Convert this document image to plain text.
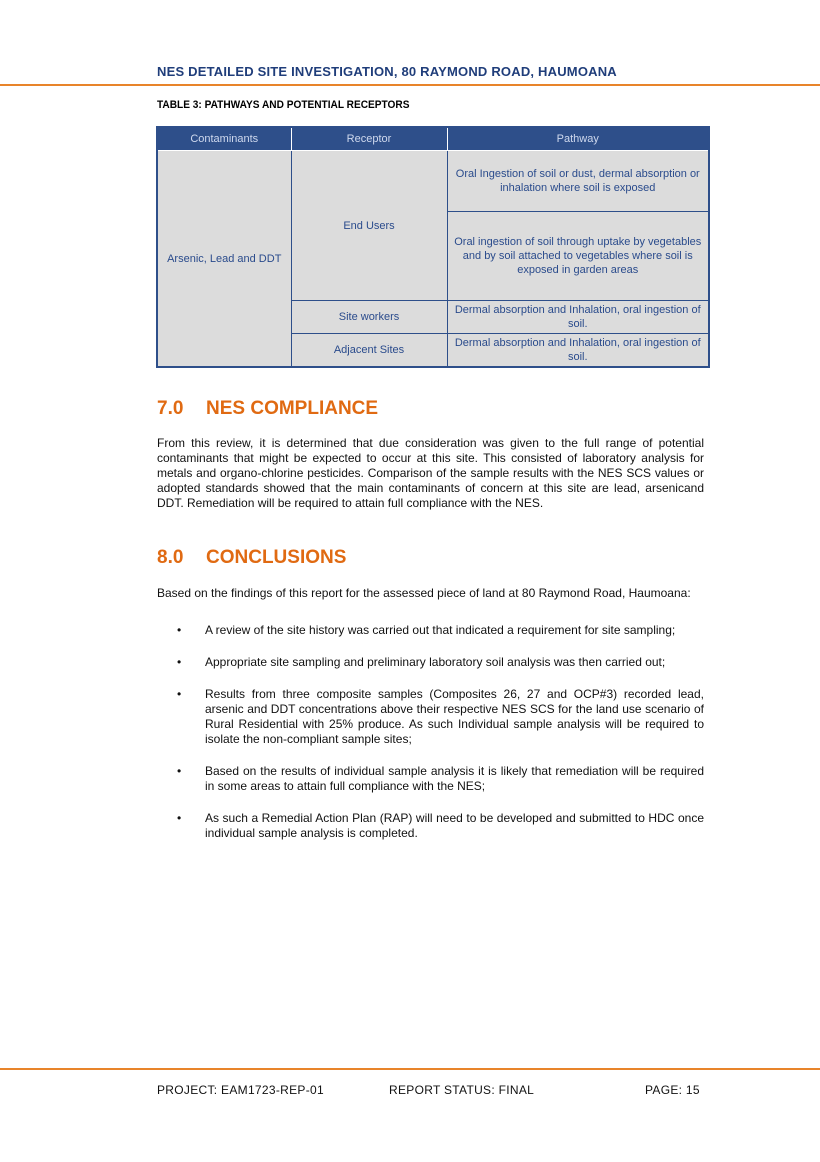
NES DETAILED SITE INVESTIGATION, 80 RAYMOND ROAD, HAUMOANA
TABLE 3: PATHWAYS AND POTENTIAL RECEPTORS
Contaminants	Receptor	Pathway
Arsenic, Lead and DDT	End Users	Oral Ingestion of soil or dust, dermal absorption or inhalation where soil is exposed
		Oral ingestion of soil through uptake by vegetables and by soil attached to vegetables where soil is exposed in garden areas
	Site workers	Dermal absorption and Inhalation, oral ingestion of soil.
	Adjacent Sites	Dermal absorption and Inhalation, oral ingestion of soil.
7.0 NES COMPLIANCE

From this review, it is determined that due consideration was given to the full range of potential contaminants that might be expected to occur at this site. This consisted of laboratory analysis for metals and organo-chlorine pesticides. Comparison of the sample results with the NES SCS values or adopted standards showed that the main contaminants of concern at this site are lead, arsenicand DDT. Remediation will be required to attain full compliance with the NES.

8.0 CONCLUSIONS

Based on the findings of this report for the assessed piece of land at 80 Raymond Road, Haumoana:

• A review of the site history was carried out that indicated a requirement for site sampling;
• Appropriate site sampling and preliminary laboratory soil analysis was then carried out;
• Results from three composite samples (Composites 26, 27 and OCP#3) recorded lead, arsenic and DDT concentrations above their respective NES SCS for the land use scenario of Rural Residential with 25% produce. As such Individual sample analysis will be required to isolate the non-compliant sample sites;
• Based on the results of individual sample analysis it is likely that remediation will be required in some areas to attain full compliance with the NES;
• As such a Remedial Action Plan (RAP) will need to be developed and submitted to HDC once individual sample analysis is completed.
PROJECT: EAM1723-REP-01	REPORT STATUS: FINAL	PAGE: 15
